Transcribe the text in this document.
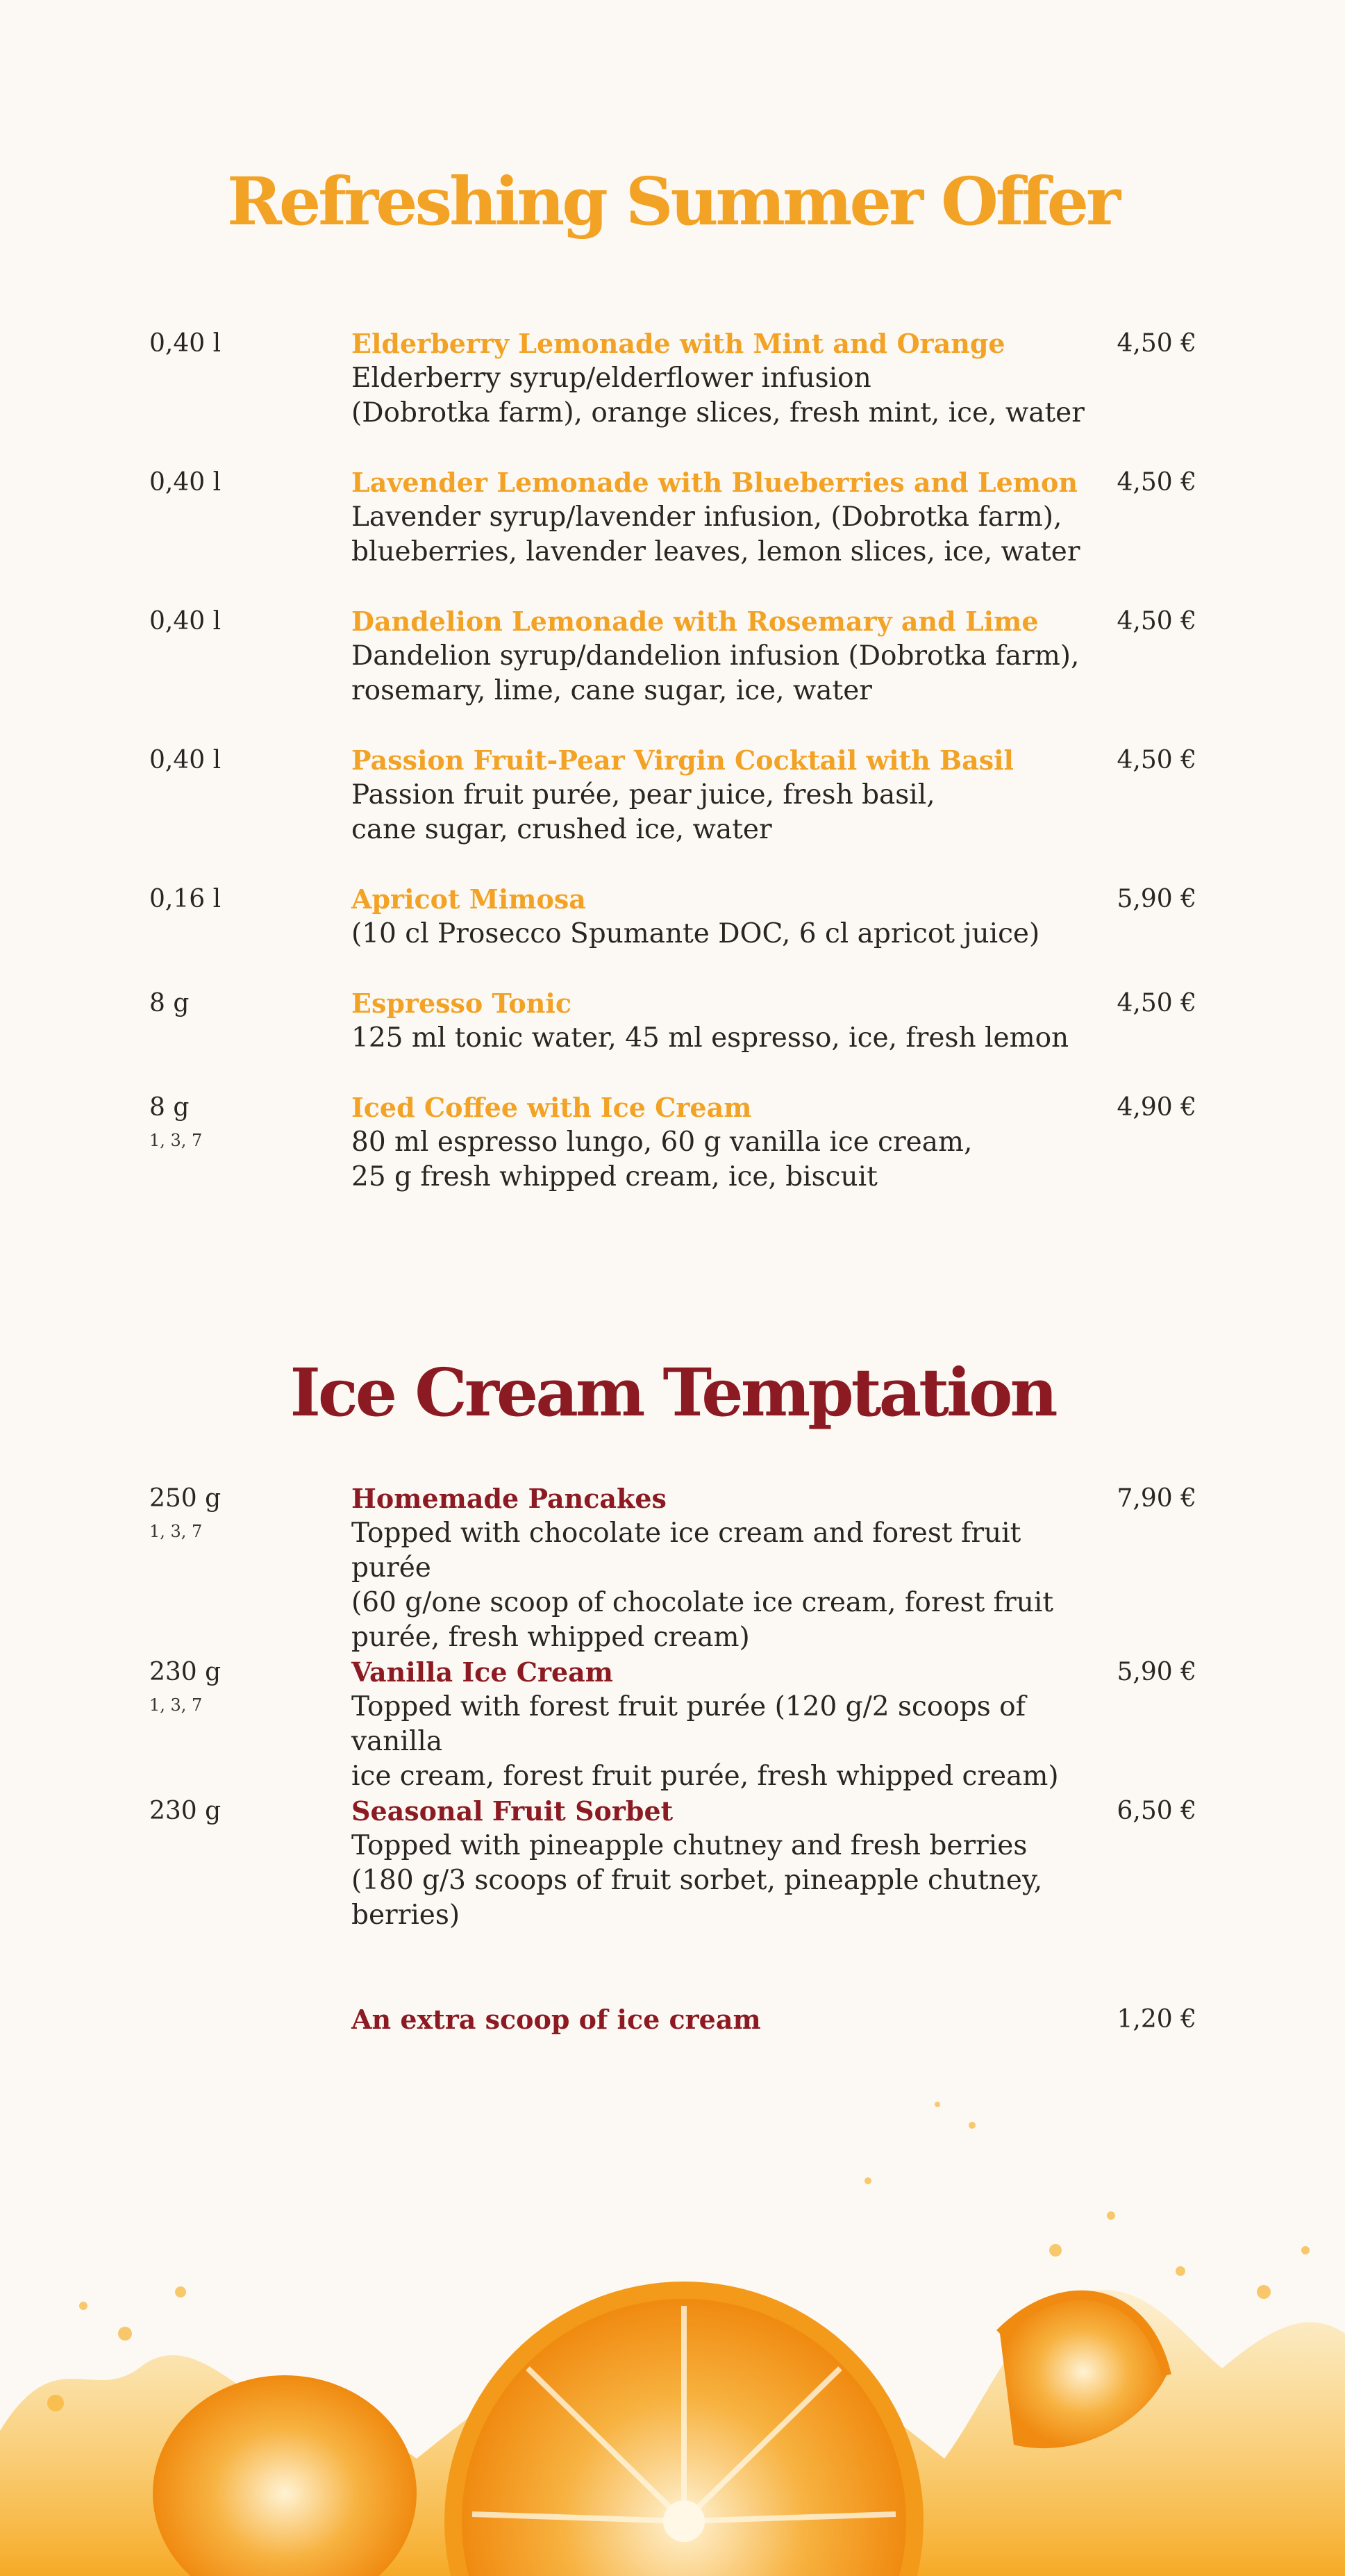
Refreshing Summer Offer
0,40 l	Elderberry Lemonade with Mint and Orange
Elderberry syrup/elderflower infusion
(Dobrotka farm), orange slices, fresh mint, ice, water
4,50 €
0,40 l	Lavender Lemonade with Blueberries and Lemon
Lavender syrup/lavender infusion, (Dobrotka farm),
blueberries, lavender leaves, lemon slices, ice, water
4,50 €
0,40 l	Dandelion Lemonade with Rosemary and Lime
Dandelion syrup/dandelion infusion (Dobrotka farm),
rosemary, lime, cane sugar, ice, water
4,50 €
0,40 l	Passion Fruit-Pear Virgin Cocktail with Basil
Passion fruit purée, pear juice, fresh basil,
cane sugar, crushed ice, water
4,50 €
0,16 l	Apricot Mimosa
(10 cl Prosecco Spumante DOC, 6 cl apricot juice)
5,90 €
8 g	Espresso Tonic
125 ml tonic water, 45 ml espresso, ice, fresh lemon
4,50 €
8 g
1, 3, 7
Iced Coffee with Ice Cream
80 ml espresso lungo, 60 g vanilla ice cream,
25 g fresh whipped cream, ice, biscuit
4,90 €
Ice Cream Temptation
250 g
1, 3, 7
Homemade Pancakes
Topped with chocolate ice cream and forest fruit purée
(60 g/one scoop of chocolate ice cream, forest fruit
purée, fresh whipped cream)
7,90 €
230 g
1, 3, 7
Vanilla Ice Cream
Topped with forest fruit purée (120 g/2 scoops of vanilla
ice cream, forest fruit purée, fresh whipped cream)
5,90 €
230 g	Seasonal Fruit Sorbet
Topped with pineapple chutney and fresh berries
(180 g/3 scoops of fruit sorbet, pineapple chutney,
berries)
6,50 €
An extra scoop of ice cream	1,20 €
